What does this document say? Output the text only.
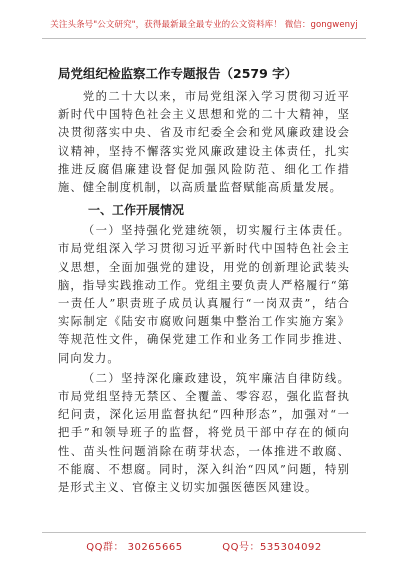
关注头条号"公文研究"，获得最新最全最专业的公文资料库！ 微信：gongwenyj
局党组纪检监察工作专题报告（2579 字）

党的二十大以来，市局党组深入学习贯彻习近平新时代中国特色社会主义思想和党的二十大精神，坚决贯彻落实中央、省及市纪委全会和党风廉政建设会议精神，坚持不懈落实党风廉政建设主体责任，扎实推进反腐倡廉建设督促加强风险防范、细化工作措施、健全制度机制，以高质量监督赋能高质量发展。

一、工作开展情况

（一）坚持强化党建统领，切实履行主体责任。市局党组深入学习贯彻习近平新时代中国特色社会主义思想，全面加强党的建设，用党的创新理论武装头脑，指导实践推动工作。党组主要负责人严格履行“第一责任人”职责班子成员认真履行“一岗双责”，结合实际制定《陆安市腐败问题集中整治工作实施方案》等规范性文件，确保党建工作和业务工作同步推进、同向发力。

（二）坚持深化廉政建设，筑牢廉洁自律防线。市局党组坚持无禁区、全覆盖、零容忍，强化监督执纪问责，深化运用监督执纪“四种形态”，加强对“一把手”和领导班子的监督，将党员干部中存在的倾向性、苗头性问题消除在萌芽状态，一体推进不敢腐、不能腐、不想腐。同时，深入纠治“四风”问题，特别是形式主义、官僚主义切实加强医德医风建设。

QQ群： 30265665	QQ号：535304092
